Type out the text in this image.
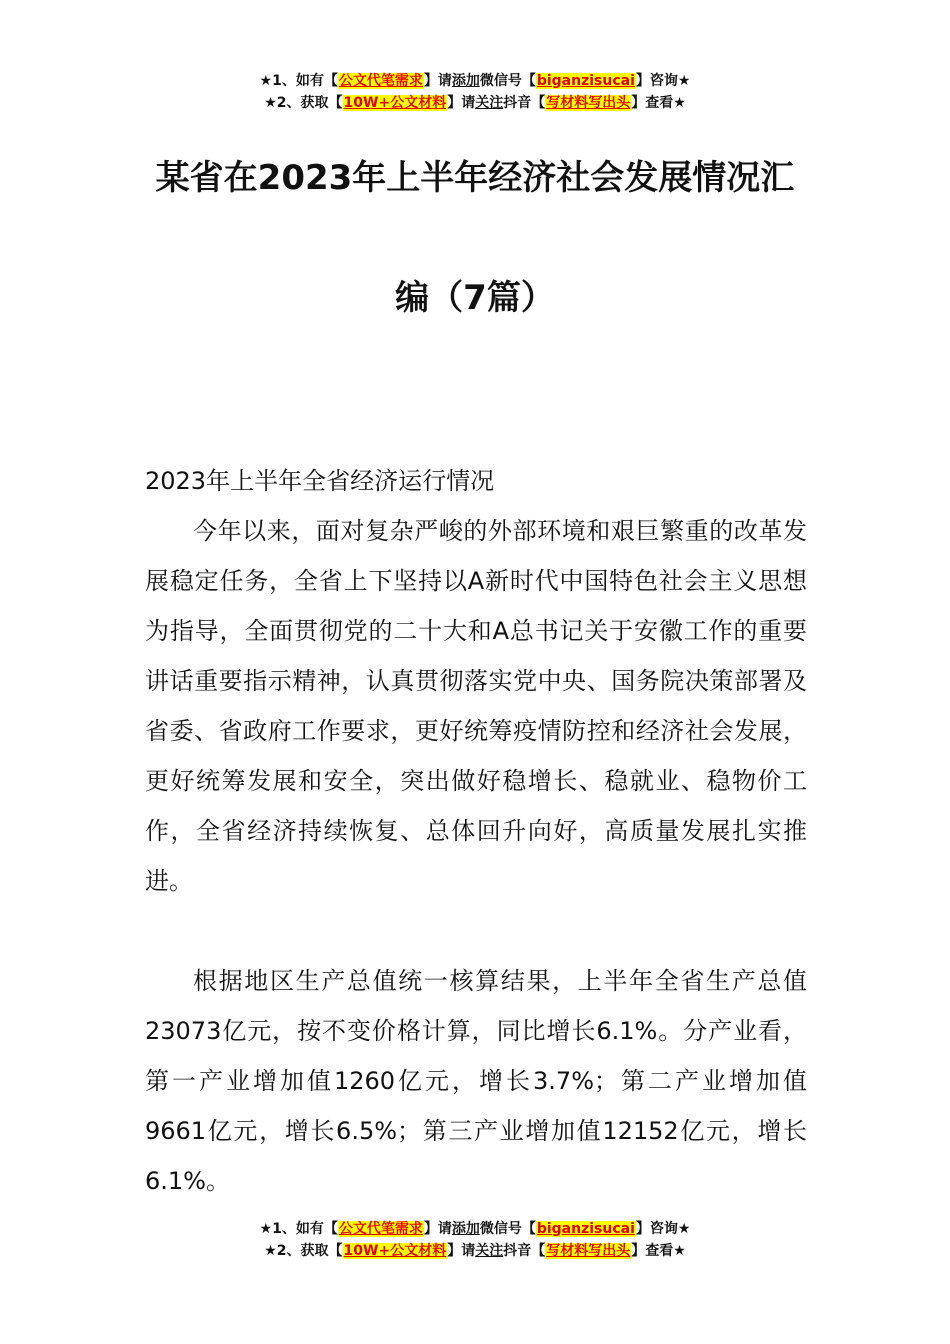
★1、如有【公文代笔需求】请添加微信号【biganzisucai】咨询★
★2、获取【10W+公文材料】请关注抖音【写材料写出头】查看★
某省在2023年上半年经济社会发展情况汇
编（7篇）

2023年上半年全省经济运行情况

今年以来，面对复杂严峻的外部环境和艰巨繁重的改革发展稳定任务，全省上下坚持以A新时代中国特色社会主义思想为指导，全面贯彻党的二十大和A总书记关于安徽工作的重要讲话重要指示精神，认真贯彻落实党中央、国务院决策部署及省委、省政府工作要求，更好统筹疫情防控和经济社会发展，更好统筹发展和安全，突出做好稳增长、稳就业、稳物价工作，全省经济持续恢复、总体回升向好，高质量发展扎实推进。

根据地区生产总值统一核算结果，上半年全省生产总值23073亿元，按不变价格计算，同比增长6.1%。分产业看，第一产业增加值1260亿元，增长3.7%；第二产业增加值9661亿元，增长6.5%；第三产业增加值12152亿元，增长6.1%。

★1、如有【公文代笔需求】请添加微信号【biganzisucai】咨询★
★2、获取【10W+公文材料】请关注抖音【写材料写出头】查看★
